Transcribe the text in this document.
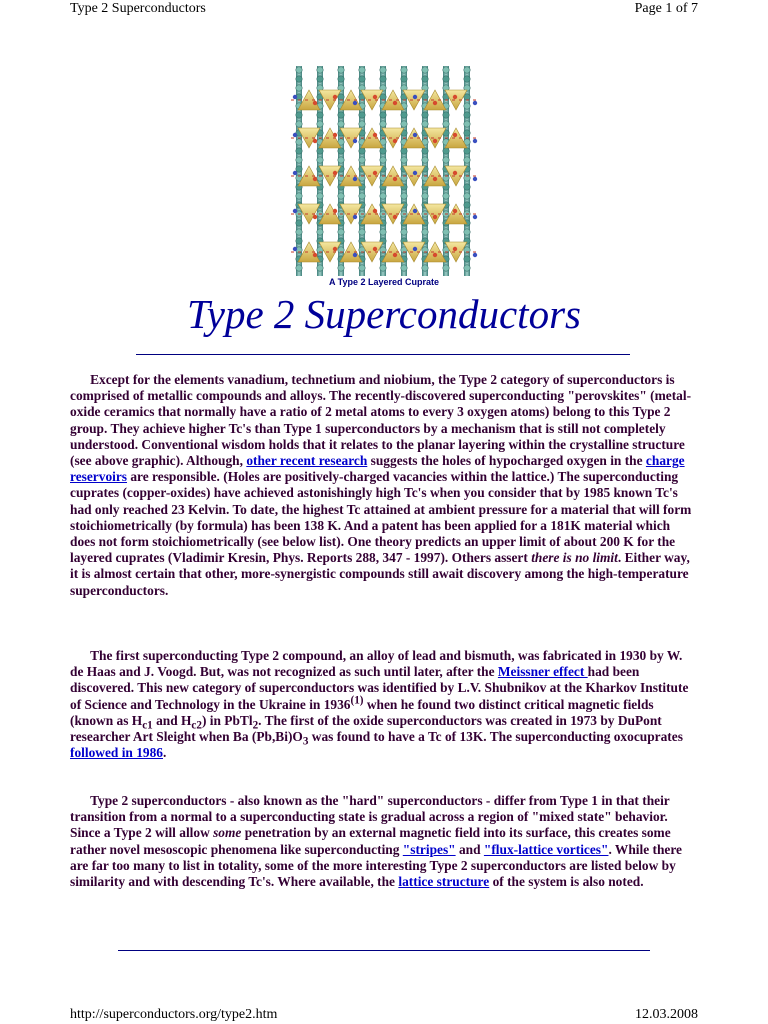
Type 2 Superconductors	Page 1 of 7
A Type 2 Layered Cuprate
Type 2 Superconductors

  Except for the elements vanadium, technetium and niobium, the Type 2 category of superconductors is comprised of metallic compounds and alloys. The recently-discovered superconducting "perovskites" (metal-oxide ceramics that normally have a ratio of 2 metal atoms to every 3 oxygen atoms) belong to this Type 2 group. They achieve higher Tc's than Type 1 superconductors by a mechanism that is still not completely understood. Conventional wisdom holds that it relates to the planar layering within the crystalline structure (see above graphic). Although, other recent research suggests the holes of hypocharged oxygen in the charge reservoirs are responsible. (Holes are positively-charged vacancies within the lattice.) The superconducting cuprates (copper-oxides) have achieved astonishingly high Tc's when you consider that by 1985 known Tc's had only reached 23 Kelvin. To date, the highest Tc attained at ambient pressure for a material that will form stoichiometrically (by formula) has been 138 K. And a patent has been applied for a 181K material which does not form stoichiometrically (see below list). One theory predicts an upper limit of about 200 K for the layered cuprates (Vladimir Kresin, Phys. Reports 288, 347 - 1997). Others assert there is no limit. Either way, it is almost certain that other, more-synergistic compounds still await discovery among the high-temperature superconductors.

  The first superconducting Type 2 compound, an alloy of lead and bismuth, was fabricated in 1930 by W. de Haas and J. Voogd. But, was not recognized as such until later, after the Meissner effect had been discovered. This new category of superconductors was identified by L.V. Shubnikov at the Kharkov Institute of Science and Technology in the Ukraine in 1936$^{(1)}$ when he found two distinct critical magnetic fields (known as $H_{c1}$ and $H_{c2}$) in PbTl$_2$. The first of the oxide superconductors was created in 1973 by DuPont researcher Art Sleight when Ba $(Pb,Bi)O_3$ was found to have a Tc of 13K. The superconducting oxocuprates followed in 1986.

  Type 2 superconductors - also known as the "hard" superconductors - differ from Type 1 in that their transition from a normal to a superconducting state is gradual across a region of "mixed state" behavior. Since a Type 2 will allow some penetration by an external magnetic field into its surface, this creates some rather novel mesoscopic phenomena like superconducting "stripes" and "flux-lattice vortices". While there are far too many to list in totality, some of the more interesting Type 2 superconductors are listed below by similarity and with descending Tc's. Where available, the lattice structure of the system is also noted.

http://superconductors.org/type2.htm	12.03.2008
